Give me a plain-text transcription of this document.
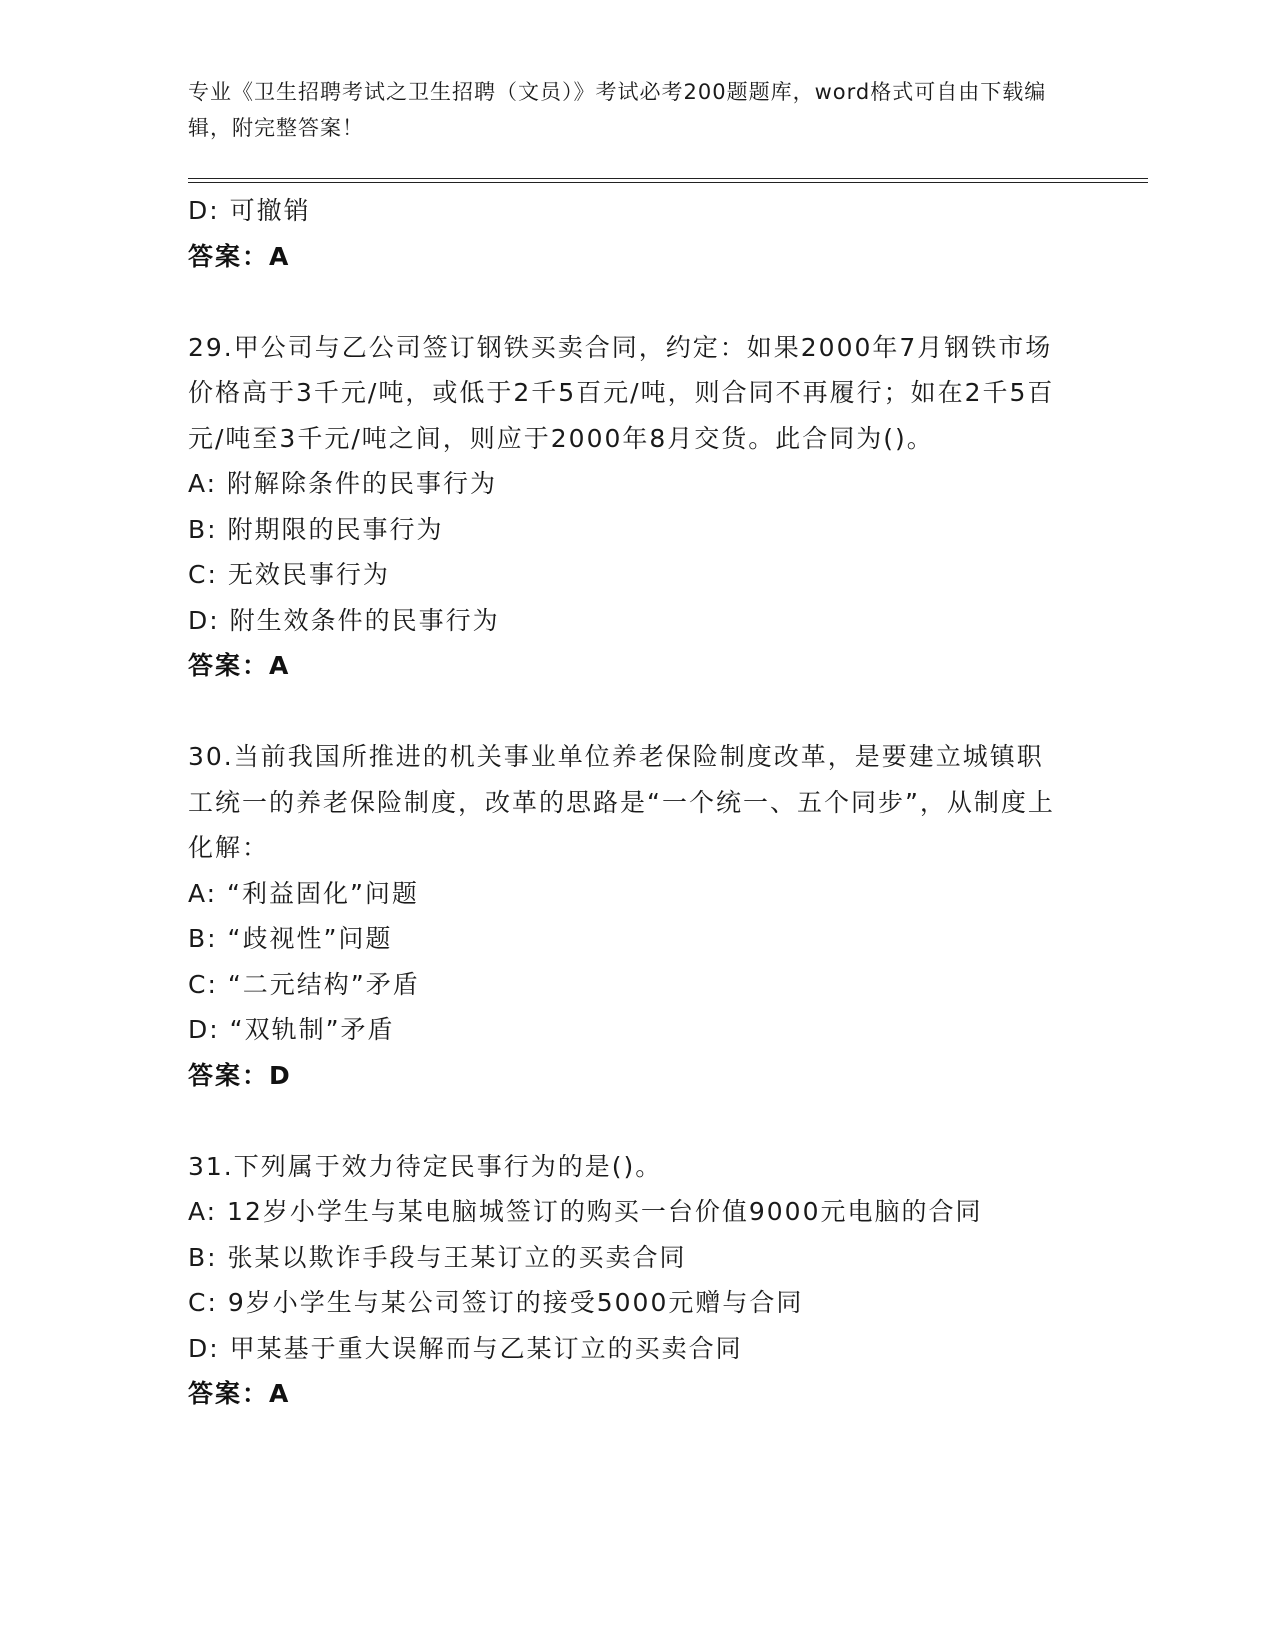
专业《卫生招聘考试之卫生招聘（文员）》考试必考200题题库，word格式可自由下载编辑，附完整答案！
D: 可撤销
答案：A
29.甲公司与乙公司签订钢铁买卖合同，约定：如果2000年7月钢铁市场价格高于3千元/吨，或低于2千5百元/吨，则合同不再履行；如在2千5百元/吨至3千元/吨之间，则应于2000年8月交货。此合同为()。
A: 附解除条件的民事行为
B: 附期限的民事行为
C: 无效民事行为
D: 附生效条件的民事行为
答案：A
30.当前我国所推进的机关事业单位养老保险制度改革，是要建立城镇职工统一的养老保险制度，改革的思路是“一个统一、五个同步”，从制度上化解：
A: “利益固化”问题
B: “歧视性”问题
C: “二元结构”矛盾
D: “双轨制”矛盾
答案：D
31.下列属于效力待定民事行为的是()。
A: 12岁小学生与某电脑城签订的购买一台价值9000元电脑的合同
B: 张某以欺诈手段与王某订立的买卖合同
C: 9岁小学生与某公司签订的接受5000元赠与合同
D: 甲某基于重大误解而与乙某订立的买卖合同
答案：A
